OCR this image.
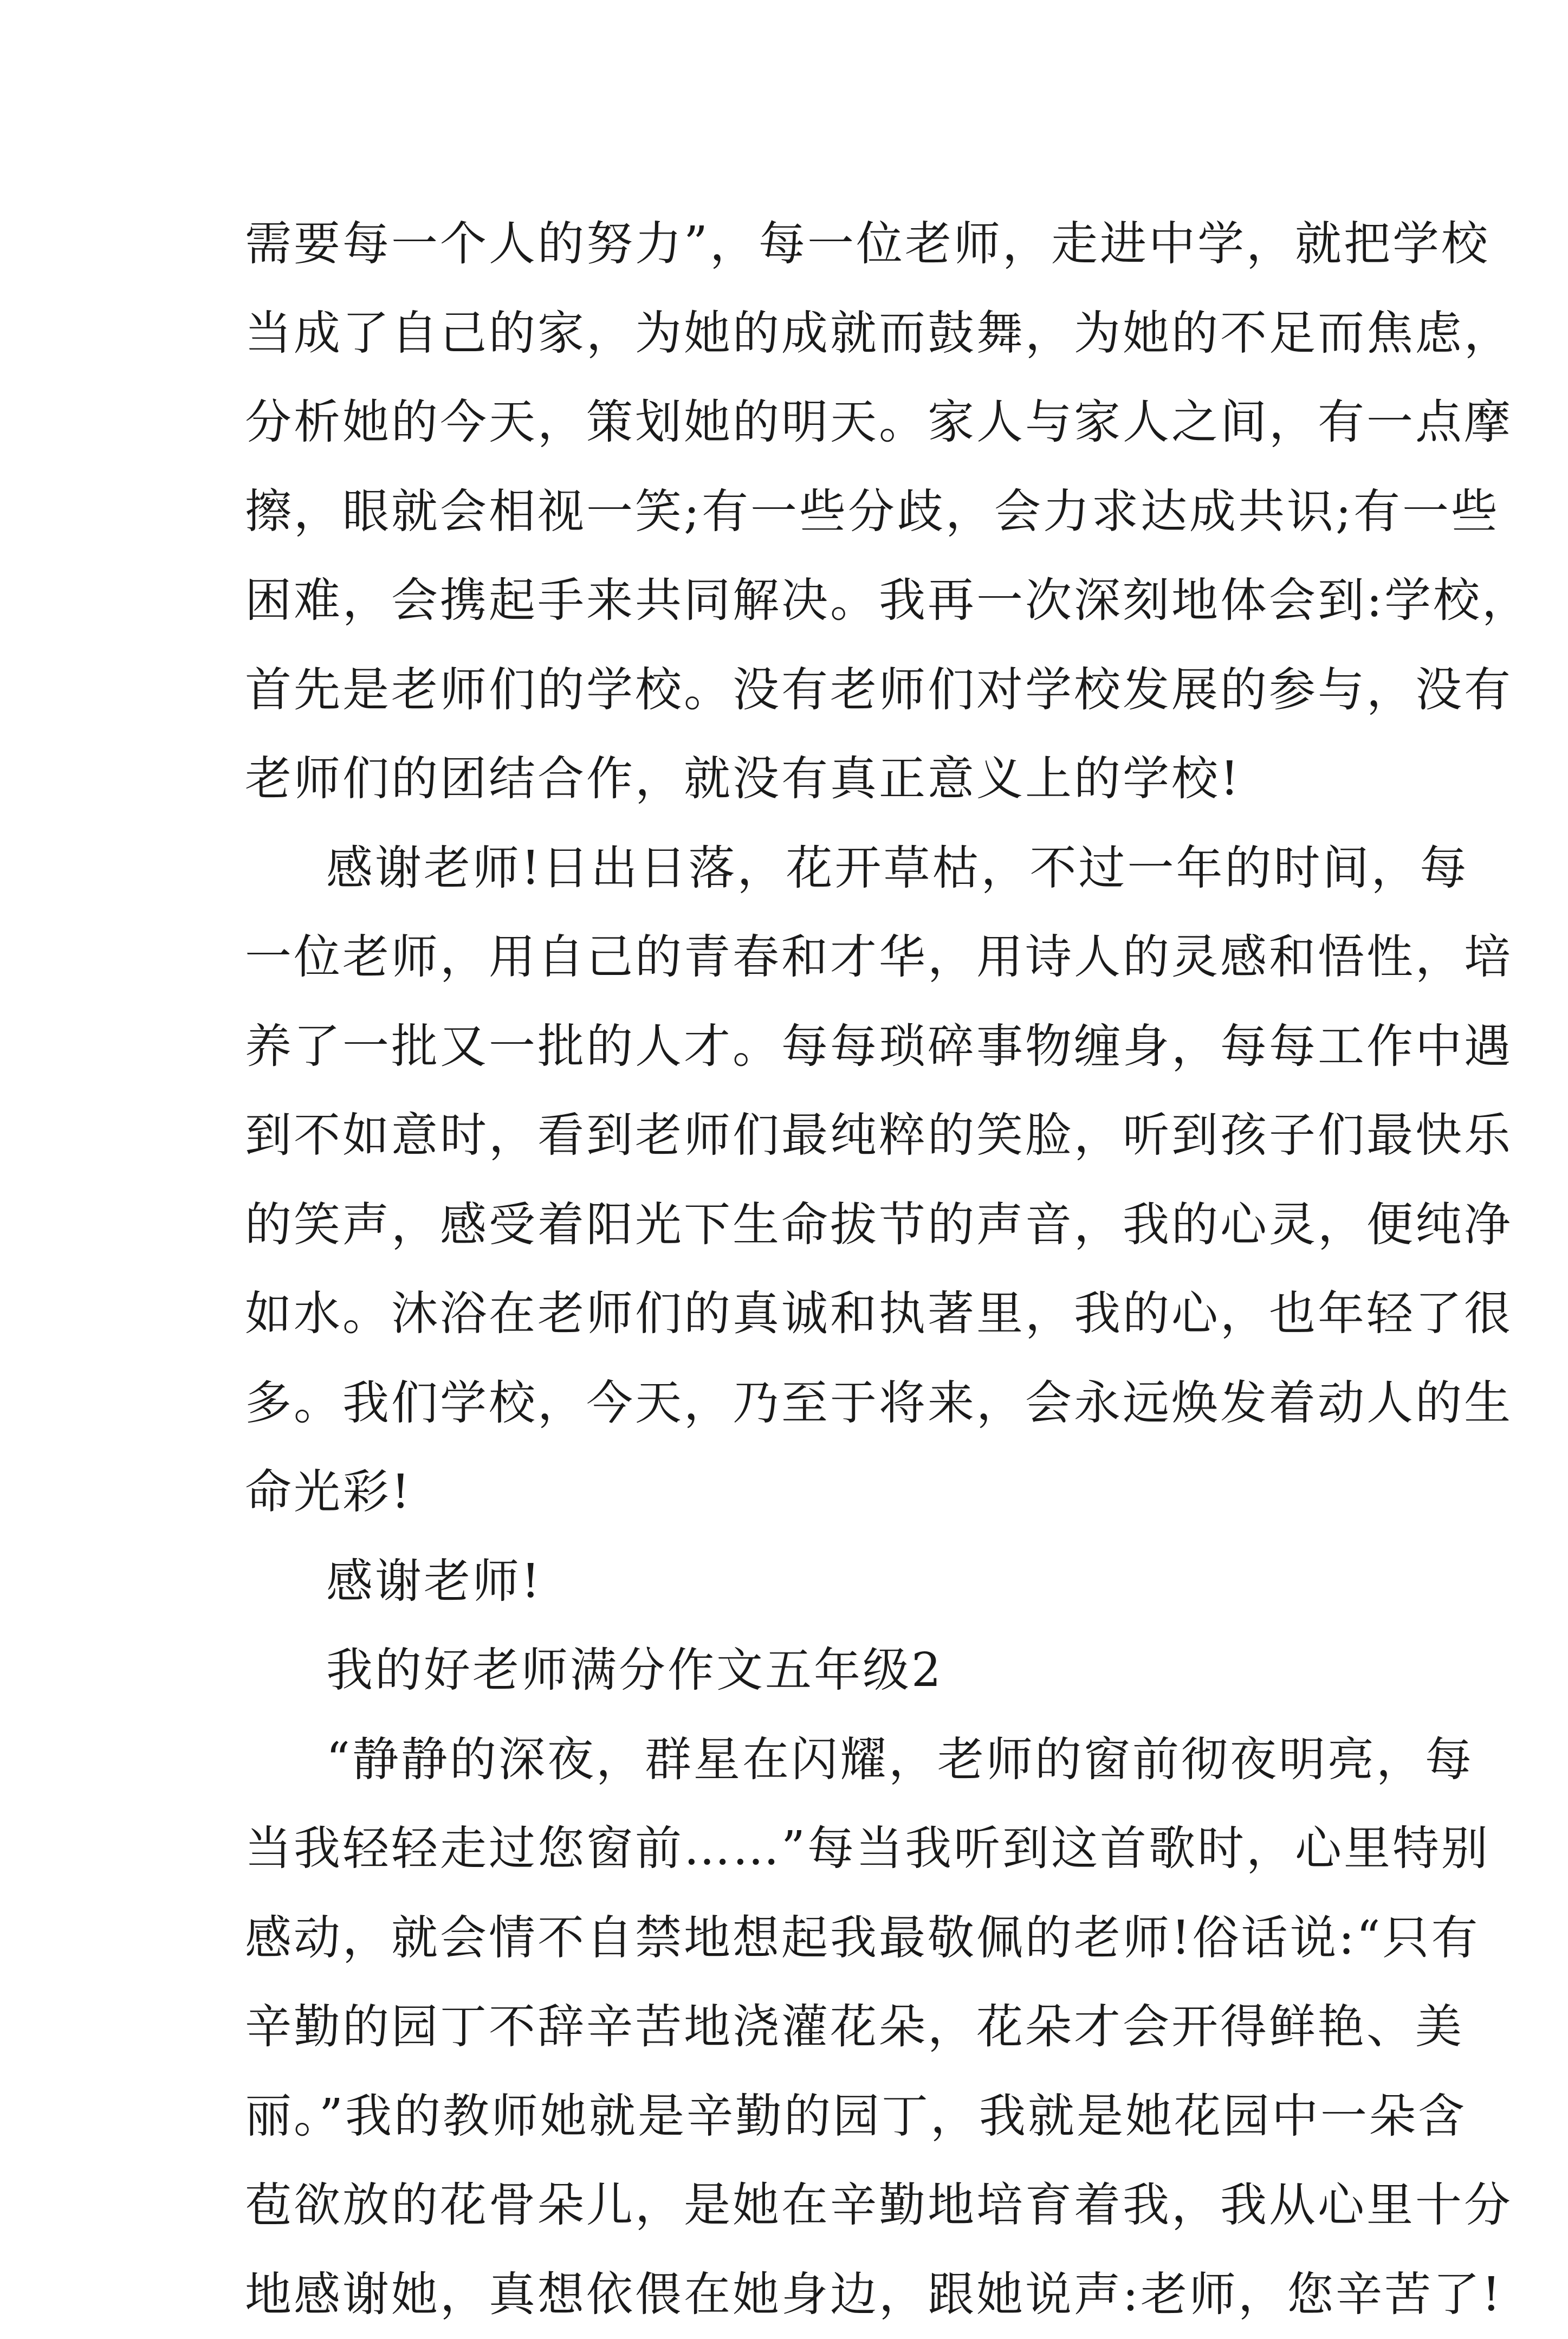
需要每一个人的努力”，每一位老师，走进中学，就把学校
当成了自己的家，为她的成就而鼓舞，为她的不足而焦虑，
分析她的今天，策划她的明天。家人与家人之间，有一点摩
擦，眼就会相视一笑;有一些分歧，会力求达成共识;有一些
困难，会携起手来共同解决。我再一次深刻地体会到:学校，
首先是老师们的学校。没有老师们对学校发展的参与，没有
老师们的团结合作，就没有真正意义上的学校!
感谢老师!日出日落，花开草枯，不过一年的时间，每
一位老师，用自己的青春和才华，用诗人的灵感和悟性，培
养了一批又一批的人才。每每琐碎事物缠身，每每工作中遇
到不如意时，看到老师们最纯粹的笑脸，听到孩子们最快乐
的笑声，感受着阳光下生命拔节的声音，我的心灵，便纯净
如水。沐浴在老师们的真诚和执著里，我的心，也年轻了很
多。我们学校，今天，乃至于将来，会永远焕发着动人的生
命光彩!
感谢老师!
我的好老师满分作文五年级2
“静静的深夜，群星在闪耀，老师的窗前彻夜明亮，每
当我轻轻走过您窗前……”每当我听到这首歌时，心里特别
感动，就会情不自禁地想起我最敬佩的老师!俗话说:“只有
辛勤的园丁不辞辛苦地浇灌花朵，花朵才会开得鲜艳、美
丽。”我的教师她就是辛勤的园丁，我就是她花园中一朵含
苞欲放的花骨朵儿，是她在辛勤地培育着我，我从心里十分
地感谢她，真想依偎在她身边，跟她说声:老师，您辛苦了!
